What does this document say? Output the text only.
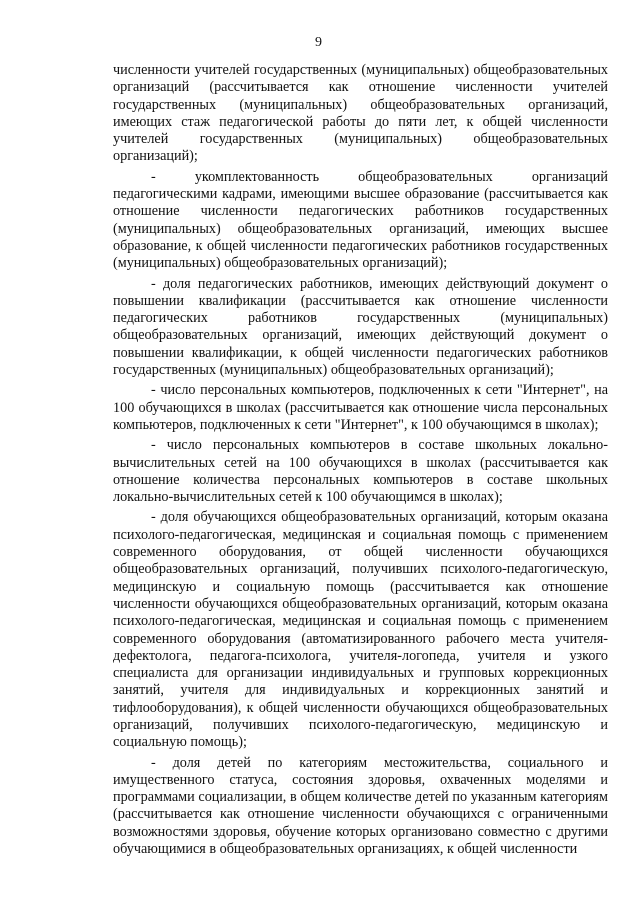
9

численности учителей государственных (муниципальных) общеобразовательных организаций (рассчитывается как отношение численности учителей государственных (муниципальных) общеобразовательных организаций, имеющих стаж педагогической работы до пяти лет, к общей численности учителей государственных (муниципальных) общеобразовательных организаций);

- укомплектованность общеобразовательных организаций педагогическими кадрами, имеющими высшее образование (рассчитывается как отношение численности педагогических работников государственных (муниципальных) общеобразовательных организаций, имеющих высшее образование, к общей численности педагогических работников государственных (муниципальных) общеобразовательных организаций);

- доля педагогических работников, имеющих действующий документ о повышении квалификации (рассчитывается как отношение численности педагогических работников государственных (муниципальных) общеобразовательных организаций, имеющих действующий документ о повышении квалификации, к общей численности педагогических работников государственных (муниципальных) общеобразовательных организаций);

- число персональных компьютеров, подключенных к сети "Интернет", на 100 обучающихся в школах (рассчитывается как отношение числа персональных компьютеров, подключенных к сети "Интернет", к 100 обучающимся в школах);

- число персональных компьютеров в составе школьных локально-вычислительных сетей на 100 обучающихся в школах (рассчитывается как отношение количества персональных компьютеров в составе школьных локально-вычислительных сетей к 100 обучающимся в школах);

- доля обучающихся общеобразовательных организаций, которым оказана психолого-педагогическая, медицинская и социальная помощь с применением современного оборудования, от общей численности обучающихся общеобразовательных организаций, получивших психолого-педагогическую, медицинскую и социальную помощь (рассчитывается как отношение численности обучающихся общеобразовательных организаций, которым оказана психолого-педагогическая, медицинская и социальная помощь с применением современного оборудования (автоматизированного рабочего места учителя-дефектолога, педагога-психолога, учителя-логопеда, учителя и узкого специалиста для организации индивидуальных и групповых коррекционных занятий, учителя для индивидуальных и коррекционных занятий и тифлооборудования), к общей численности обучающихся общеобразовательных организаций, получивших психолого-педагогическую, медицинскую и социальную помощь);

- доля детей по категориям местожительства, социального и имущественного статуса, состояния здоровья, охваченных моделями и программами социализации, в общем количестве детей по указанным категориям (рассчитывается как отношение численности обучающихся с ограниченными возможностями здоровья, обучение которых организовано совместно с другими обучающимися в общеобразовательных организациях, к общей численности
